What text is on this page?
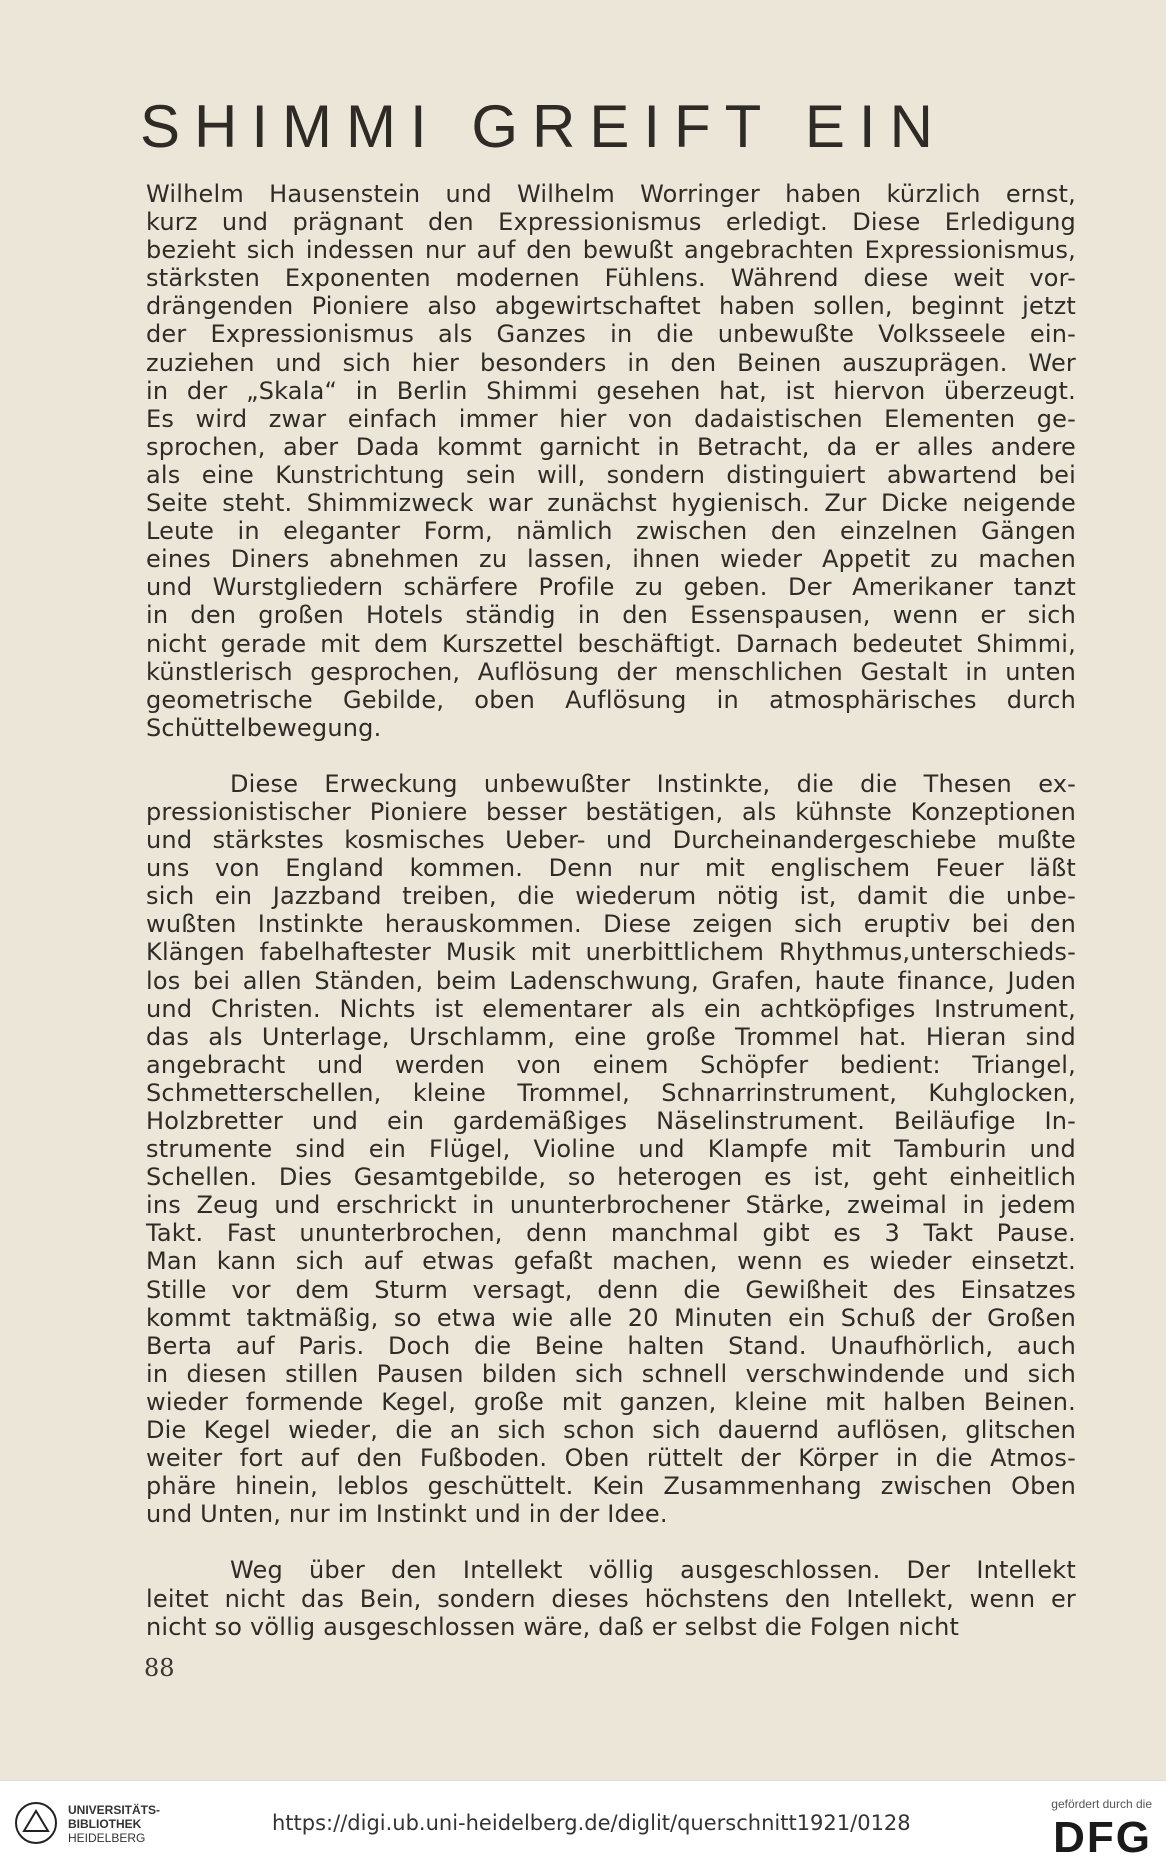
SHIMMI GREIFT EIN
Wilhelm Hausenstein und Wilhelm Worringer haben kürzlich ernst,
kurz und prägnant den Expressionismus erledigt. Diese Erledigung
bezieht sich indessen nur auf den bewußt angebrachten Expressionismus,
stärksten Exponenten modernen Fühlens. Während diese weit vor-
drängenden Pioniere also abgewirtschaftet haben sollen, beginnt jetzt
der Expressionismus als Ganzes in die unbewußte Volksseele ein-
zuziehen und sich hier besonders in den Beinen auszuprägen. Wer
in der „Skala“ in Berlin Shimmi gesehen hat, ist hiervon überzeugt.
Es wird zwar einfach immer hier von dadaistischen Elementen ge-
sprochen, aber Dada kommt garnicht in Betracht, da er alles andere
als eine Kunstrichtung sein will, sondern distinguiert abwartend bei
Seite steht. Shimmizweck war zunächst hygienisch. Zur Dicke neigende
Leute in eleganter Form, nämlich zwischen den einzelnen Gängen
eines Diners abnehmen zu lassen, ihnen wieder Appetit zu machen
und Wurstgliedern schärfere Profile zu geben. Der Amerikaner tanzt
in den großen Hotels ständig in den Essenspausen, wenn er sich
nicht gerade mit dem Kurszettel beschäftigt. Darnach bedeutet Shimmi,
künstlerisch gesprochen, Auflösung der menschlichen Gestalt in unten
geometrische Gebilde, oben Auflösung in atmosphärisches durch
Schüttelbewegung.
Diese Erweckung unbewußter Instinkte, die die Thesen ex-
pressionistischer Pioniere besser bestätigen, als kühnste Konzeptionen
und stärkstes kosmisches Ueber- und Durcheinandergeschiebe mußte
uns von England kommen. Denn nur mit englischem Feuer läßt
sich ein Jazzband treiben, die wiederum nötig ist, damit die unbe-
wußten Instinkte herauskommen. Diese zeigen sich eruptiv bei den
Klängen fabelhaftester Musik mit unerbittlichem Rhythmus,unterschieds-
los bei allen Ständen, beim Ladenschwung, Grafen, haute finance, Juden
und Christen. Nichts ist elementarer als ein achtköpfiges Instrument,
das als Unterlage, Urschlamm, eine große Trommel hat. Hieran sind
angebracht und werden von einem Schöpfer bedient: Triangel,
Schmetterschellen, kleine Trommel, Schnarrinstrument, Kuhglocken,
Holzbretter und ein gardemäßiges Näselinstrument. Beiläufige In-
strumente sind ein Flügel, Violine und Klampfe mit Tamburin und
Schellen. Dies Gesamtgebilde, so heterogen es ist, geht einheitlich
ins Zeug und erschrickt in ununterbrochener Stärke, zweimal in jedem
Takt. Fast ununterbrochen, denn manchmal gibt es 3 Takt Pause.
Man kann sich auf etwas gefaßt machen, wenn es wieder einsetzt.
Stille vor dem Sturm versagt, denn die Gewißheit des Einsatzes
kommt taktmäßig, so etwa wie alle 20 Minuten ein Schuß der Großen
Berta auf Paris. Doch die Beine halten Stand. Unaufhörlich, auch
in diesen stillen Pausen bilden sich schnell verschwindende und sich
wieder formende Kegel, große mit ganzen, kleine mit halben Beinen.
Die Kegel wieder, die an sich schon sich dauernd auflösen, glitschen
weiter fort auf den Fußboden. Oben rüttelt der Körper in die Atmos-
phäre hinein, leblos geschüttelt. Kein Zusammenhang zwischen Oben
und Unten, nur im Instinkt und in der Idee.
Weg über den Intellekt völlig ausgeschlossen. Der Intellekt
leitet nicht das Bein, sondern dieses höchstens den Intellekt, wenn er
nicht so völlig ausgeschlossen wäre, daß er selbst die Folgen nicht
88
UNIVERSITÄTS-
BIBLIOTHEK
HEIDELBERG
https://digi.ub.uni-heidelberg.de/diglit/querschnitt1921/0128
gefördert durch die
DFG
